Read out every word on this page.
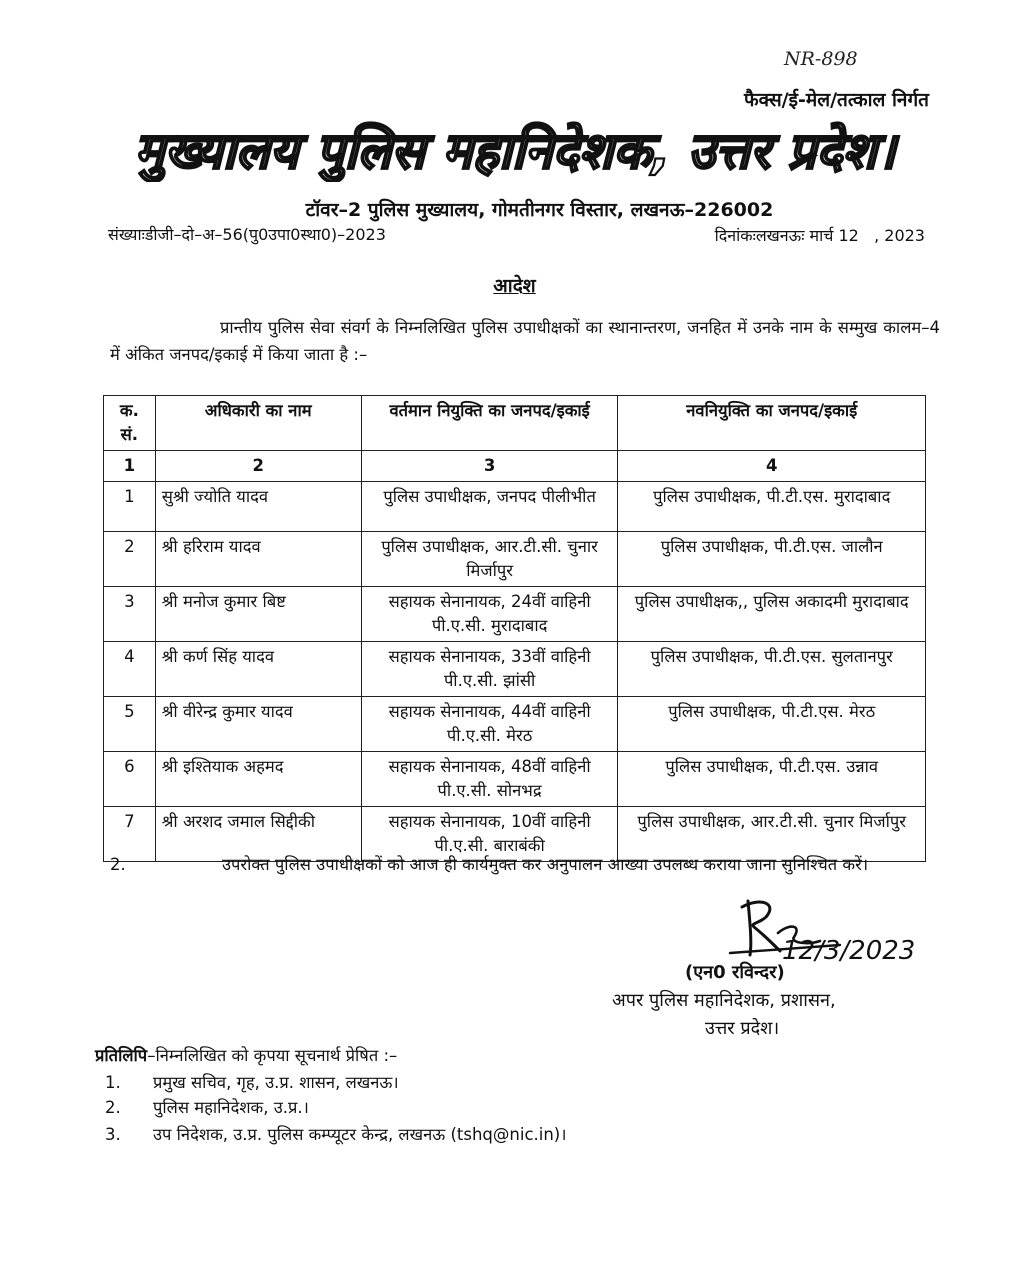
NR-898
फैक्स/ई-मेल/तत्काल निर्गत
मुख्यालय पुलिस महानिदेशक, उत्तर प्रदेश।
टॉवर–2 पुलिस मुख्यालय, गोमतीनगर विस्तार, लखनऊ–226002
संख्याःडीजी–दो–अ–56(पु0उपा0स्था0)–2023	दिनांकःलखनऊः मार्च 12   , 2023
आदेश
प्रान्तीय पुलिस सेवा संवर्ग के निम्नलिखित पुलिस उपाधीक्षकों का स्थानान्तरण, जनहित में उनके नाम के सम्मुख कालम–4 में अंकित जनपद/इकाई में किया जाता है :–
क. सं.	अधिकारी का नाम	वर्तमान नियुक्ति का जनपद/इकाई	नवनियुक्ति का जनपद/इकाई
1	2	3	4
1	सुश्री ज्योति यादव	पुलिस उपाधीक्षक, जनपद पीलीभीत	पुलिस उपाधीक्षक, पी.टी.एस. मुरादाबाद
2	श्री हरिराम यादव	पुलिस उपाधीक्षक, आर.टी.सी. चुनार मिर्जापुर	पुलिस उपाधीक्षक, पी.टी.एस. जालौन
3	श्री मनोज कुमार बिष्ट	सहायक सेनानायक, 24वीं वाहिनी पी.ए.सी. मुरादाबाद	पुलिस उपाधीक्षक,, पुलिस अकादमी मुरादाबाद
4	श्री कर्ण सिंह यादव	सहायक सेनानायक, 33वीं वाहिनी पी.ए.सी. झांसी	पुलिस उपाधीक्षक, पी.टी.एस. सुलतानपुर
5	श्री वीरेन्द्र कुमार यादव	सहायक सेनानायक, 44वीं वाहिनी पी.ए.सी. मेरठ	पुलिस उपाधीक्षक, पी.टी.एस. मेरठ
6	श्री इश्तियाक अहमद	सहायक सेनानायक, 48वीं वाहिनी पी.ए.सी. सोनभद्र	पुलिस उपाधीक्षक, पी.टी.एस. उन्नाव
7	श्री अरशद जमाल सिद्दीकी	सहायक सेनानायक, 10वीं वाहिनी पी.ए.सी. बाराबंकी	पुलिस उपाधीक्षक, आर.टी.सी. चुनार मिर्जापुर
2.	उपरोक्त पुलिस उपाधीक्षकों को आज ही कार्यमुक्त कर अनुपालन आख्या उपलब्ध कराया जाना सुनिश्चित करें।
12/3/2023
(एन0 रविन्दर)
अपर पुलिस महानिदेशक, प्रशासन,
उत्तर प्रदेश।
प्रतिलिपि–निम्नलिखित को कृपया सूचनार्थ प्रेषित :–
1. प्रमुख सचिव, गृह, उ.प्र. शासन, लखनऊ।
2. पुलिस महानिदेशक, उ.प्र.।
3. उप निदेशक, उ.प्र. पुलिस कम्प्यूटर केन्द्र, लखनऊ (tshq@nic.in)।
